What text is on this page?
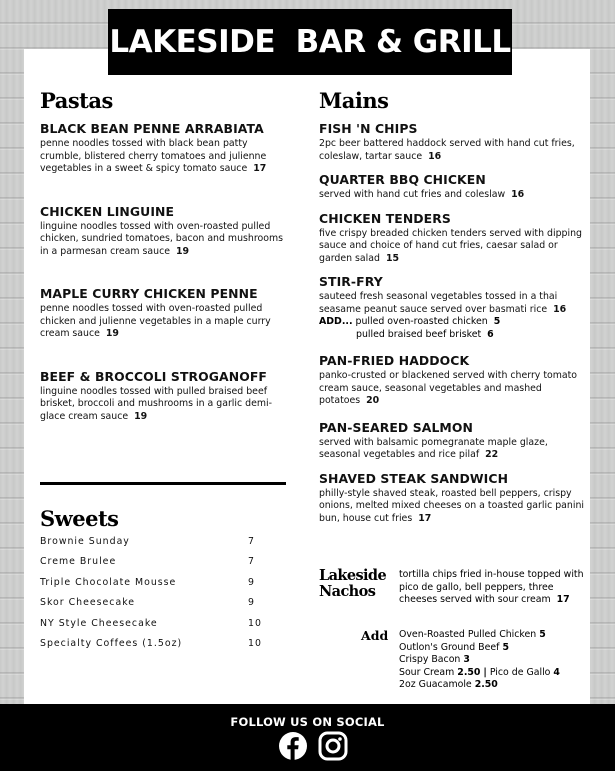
LAKESIDE  BAR & GRILL
Pastas
BLACK BEAN PENNE ARRABIATA
penne noodles tossed with black bean patty crumble, blistered cherry tomatoes and julienne vegetables in a sweet & spicy tomato sauce 17
CHICKEN LINGUINE
linguine noodles tossed with oven-roasted pulled chicken, sundried tomatoes, bacon and mushrooms in a parmesan cream sauce 19
MAPLE CURRY CHICKEN PENNE
penne noodles tossed with oven-roasted pulled chicken and julienne vegetables in a maple curry cream sauce 19
BEEF & BROCCOLI STROGANOFF
linguine noodles tossed with pulled braised beef brisket, broccoli and mushrooms in a garlic demi-glace cream sauce 19
Sweets
Brownie Sunday	7
Creme Brulee	7
Triple Chocolate Mousse	9
Skor Cheesecake	9
NY Style Cheesecake	10
Specialty Coffees (1.5oz)	10
Mains
FISH 'N CHIPS
2pc beer battered haddock served with hand cut fries, coleslaw, tartar sauce 16
QUARTER BBQ CHICKEN
served with hand cut fries and coleslaw 16
CHICKEN TENDERS
five crispy breaded chicken tenders served with dipping sauce and choice of hand cut fries, caesar salad or garden salad 15
STIR-FRY
sauteed fresh seasonal vegetables tossed in a thai seasame peanut sauce served over basmati rice 16
ADD... pulled oven-roasted chicken 5
pulled braised beef brisket 6
PAN-FRIED HADDOCK
panko-crusted or blackened served with cherry tomato cream sauce, seasonal vegetables and mashed potatoes 20
PAN-SEARED SALMON
served with balsamic pomegranate maple glaze, seasonal vegetables and rice pilaf 22
SHAVED STEAK SANDWICH
philly-style shaved steak, roasted bell peppers, crispy onions, melted mixed cheeses on a toasted garlic panini bun, house cut fries 17
Lakeside
Nachos
tortilla chips fried in-house topped with pico de gallo, bell peppers, three cheeses served with sour cream 17
Add Oven-Roasted Pulled Chicken 5
Outlon's Ground Beef 5
Crispy Bacon 3
Sour Cream 2.50 | Pico de Gallo 4
2oz Guacamole 2.50
FOLLOW US ON SOCIAL
